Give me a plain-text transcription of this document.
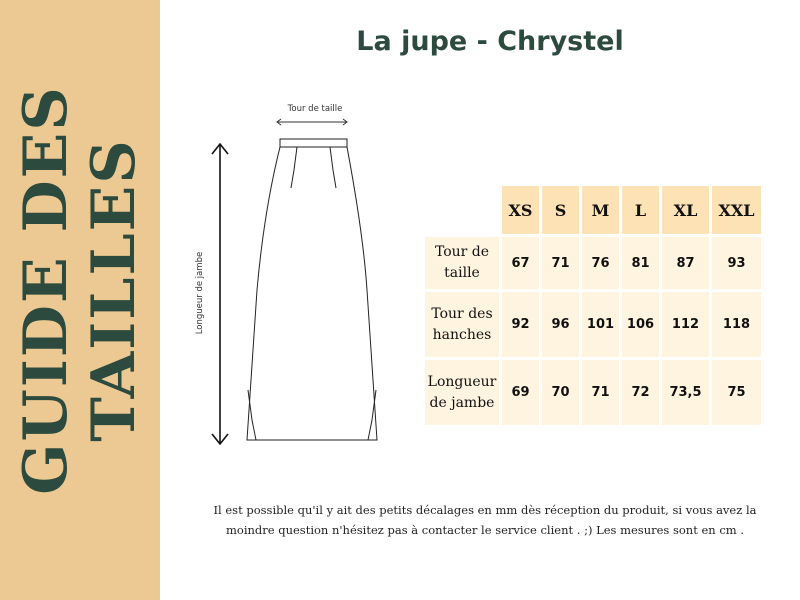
GUIDE DES
TAILLES
La jupe - Chrystel
Tour de taille
Longueur de jambe
	XS	S	M	L	XL	XXL
Tour de
taille	67	71	76	81	87	93
Tour des
hanches	92	96	101	106	112	118
Longueur
de jambe	69	70	71	72	73,5	75
Il est possible qu'il y ait des petits décalages en mm dès réception du produit, si vous avez la moindre question n'hésitez pas à contacter le service client . ;) Les mesures sont en cm .
